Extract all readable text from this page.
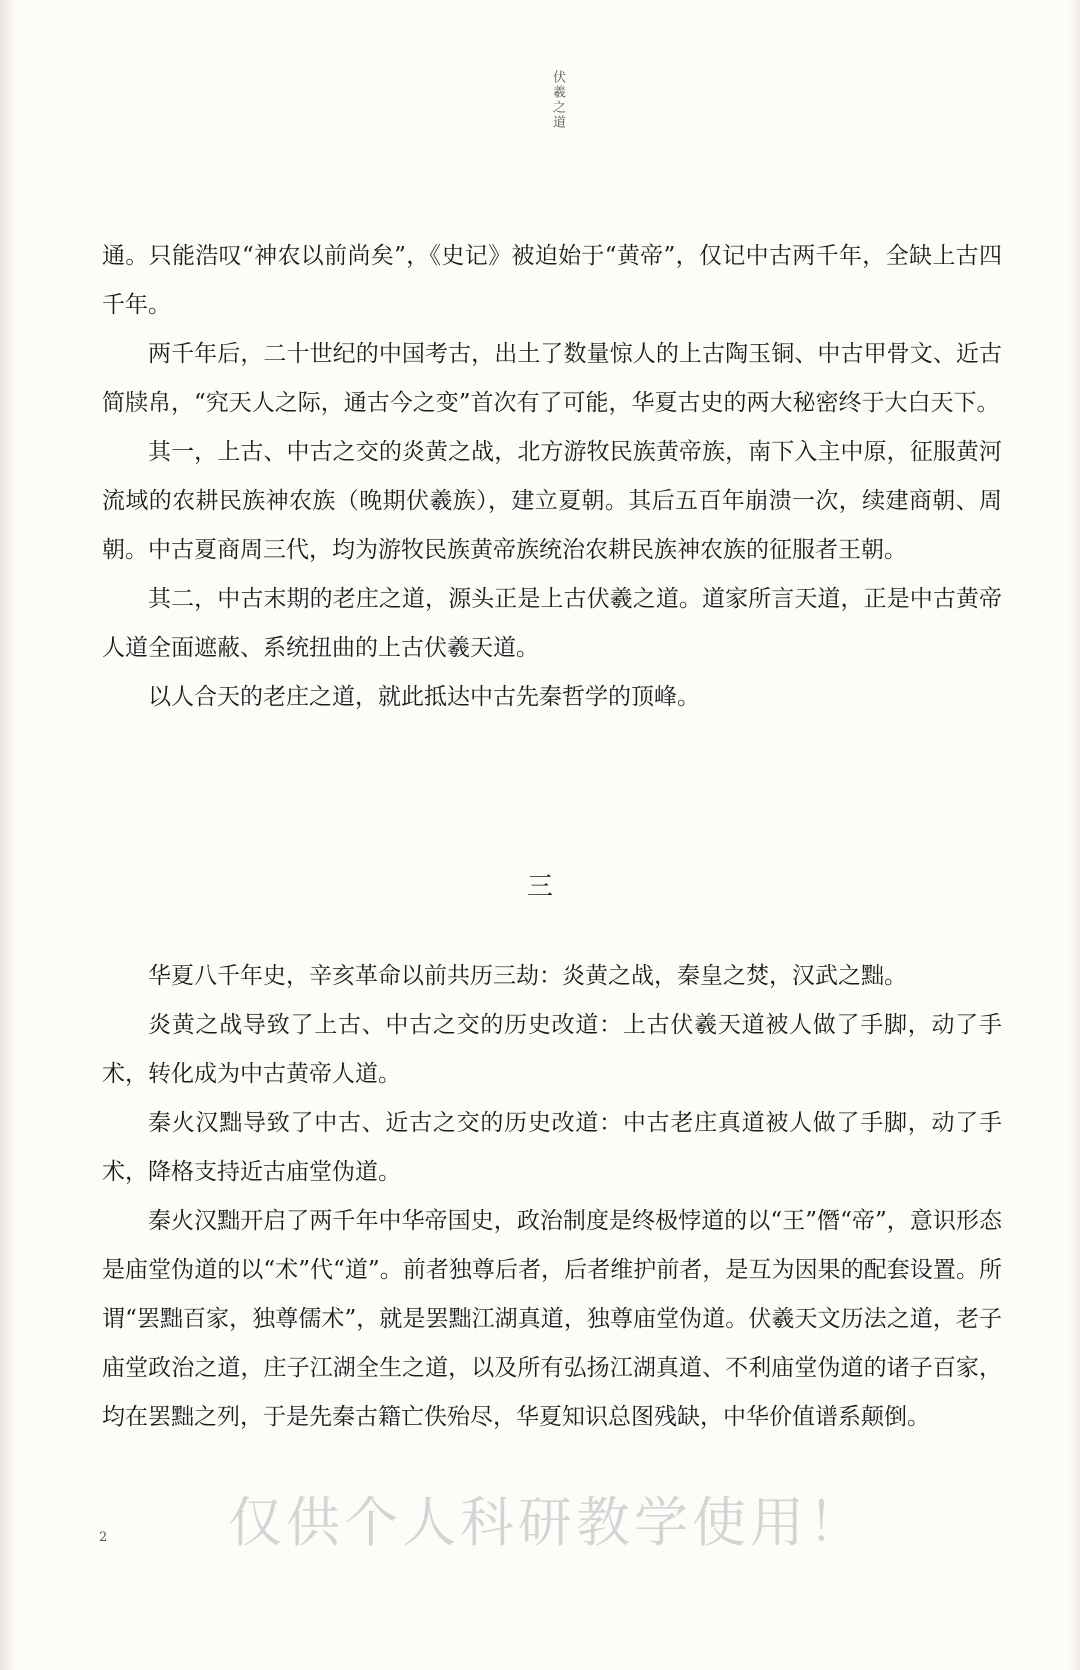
伏羲之道

通。只能浩叹“神农以前尚矣”，《史记》被迫始于“黄帝”，仅记中古两千年，全缺上古四千年。

两千年后，二十世纪的中国考古，出土了数量惊人的上古陶玉铜、中古甲骨文、近古简牍帛，“究天人之际，通古今之变”首次有了可能，华夏古史的两大秘密终于大白天下。

其一，上古、中古之交的炎黄之战，北方游牧民族黄帝族，南下入主中原，征服黄河流域的农耕民族神农族（晚期伏羲族），建立夏朝。其后五百年崩溃一次，续建商朝、周朝。中古夏商周三代，均为游牧民族黄帝族统治农耕民族神农族的征服者王朝。

其二，中古末期的老庄之道，源头正是上古伏羲之道。道家所言天道，正是中古黄帝人道全面遮蔽、系统扭曲的上古伏羲天道。

以人合天的老庄之道，就此抵达中古先秦哲学的顶峰。

三

华夏八千年史，辛亥革命以前共历三劫：炎黄之战，秦皇之焚，汉武之黜。

炎黄之战导致了上古、中古之交的历史改道：上古伏羲天道被人做了手脚，动了手术，转化成为中古黄帝人道。

秦火汉黜导致了中古、近古之交的历史改道：中古老庄真道被人做了手脚，动了手术，降格支持近古庙堂伪道。

秦火汉黜开启了两千年中华帝国史，政治制度是终极悖道的以“王”僭“帝”，意识形态是庙堂伪道的以“术”代“道”。前者独尊后者，后者维护前者，是互为因果的配套设置。所谓“罢黜百家，独尊儒术”，就是罢黜江湖真道，独尊庙堂伪道。伏羲天文历法之道，老子庙堂政治之道，庄子江湖全生之道，以及所有弘扬江湖真道、不利庙堂伪道的诸子百家，均在罢黜之列，于是先秦古籍亡佚殆尽，华夏知识总图残缺，中华价值谱系颠倒。

仅供个人科研教学使用！
2
